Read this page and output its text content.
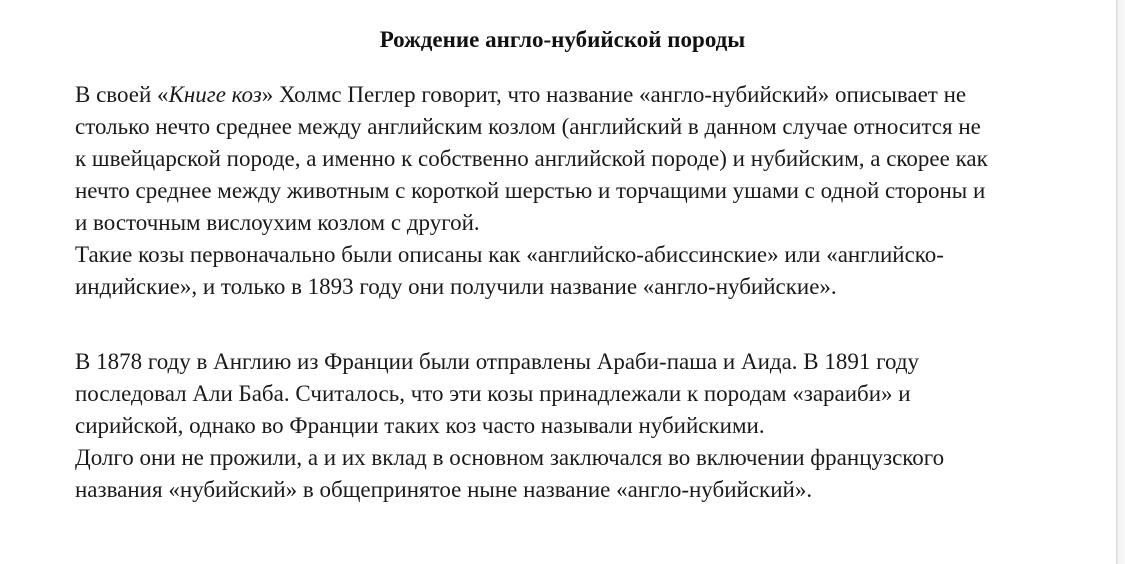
Рождение англо-нубийской породы

В своей «Книге коз» Холмс Пеглер говорит, что название «англо-нубийский» описывает не
столько нечто среднее между английским козлом (английский в данном случае относится не
к швейцарской породе, а именно к собственно английской породе) и нубийским, а скорее как
нечто среднее между животным с короткой шерстью и торчащими ушами с одной стороны и
и восточным вислоухим козлом с другой.
Такие козы первоначально были описаны как «английско-абиссинские» или «английско-
индийские», и только в 1893 году они получили название «англо-нубийские».

В 1878 году в Англию из Франции были отправлены Араби-паша и Аида. В 1891 году
последовал Али Баба. Считалось, что эти козы принадлежали к породам «зараиби» и
сирийской, однако во Франции таких коз часто называли нубийскими.
Долго они не прожили, а и их вклад в основном заключался во включении французского
названия «нубийский» в общепринятое ныне название «англо-нубийский».
